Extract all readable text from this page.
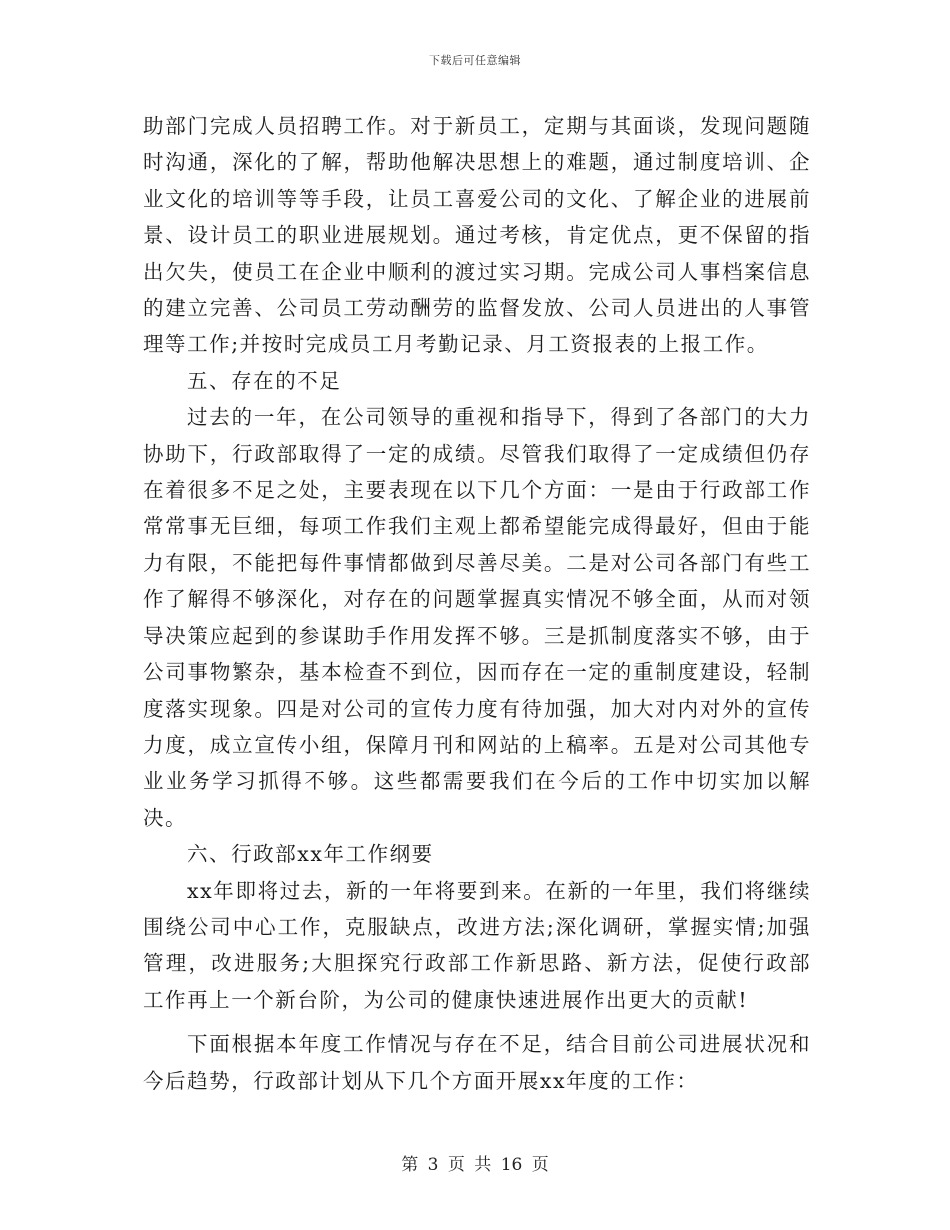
下载后可任意编辑

助部门完成人员招聘工作。对于新员工，定期与其面谈，发现问题随时沟通，深化的了解，帮助他解决思想上的难题，通过制度培训、企业文化的培训等等手段，让员工喜爱公司的文化、了解企业的进展前景、设计员工的职业进展规划。通过考核，肯定优点，更不保留的指出欠失，使员工在企业中顺利的渡过实习期。完成公司人事档案信息的建立完善、公司员工劳动酬劳的监督发放、公司人员进出的人事管理等工作;并按时完成员工月考勤记录、月工资报表的上报工作。

五、存在的不足

过去的一年，在公司领导的重视和指导下，得到了各部门的大力协助下，行政部取得了一定的成绩。尽管我们取得了一定成绩但仍存在着很多不足之处，主要表现在以下几个方面：一是由于行政部工作常常事无巨细，每项工作我们主观上都希望能完成得最好，但由于能力有限，不能把每件事情都做到尽善尽美。二是对公司各部门有些工作了解得不够深化，对存在的问题掌握真实情况不够全面，从而对领导决策应起到的参谋助手作用发挥不够。三是抓制度落实不够，由于公司事物繁杂，基本检查不到位，因而存在一定的重制度建设，轻制度落实现象。四是对公司的宣传力度有待加强，加大对内对外的宣传力度，成立宣传小组，保障月刊和网站的上稿率。五是对公司其他专业业务学习抓得不够。这些都需要我们在今后的工作中切实加以解决。

六、行政部xx年工作纲要

xx年即将过去，新的一年将要到来。在新的一年里，我们将继续围绕公司中心工作，克服缺点，改进方法;深化调研，掌握实情;加强管理，改进服务;大胆探究行政部工作新思路、新方法，促使行政部工作再上一个新台阶，为公司的健康快速进展作出更大的贡献!

下面根据本年度工作情况与存在不足，结合目前公司进展状况和今后趋势，行政部计划从下几个方面开展xx年度的工作：

第 3 页 共 16 页
